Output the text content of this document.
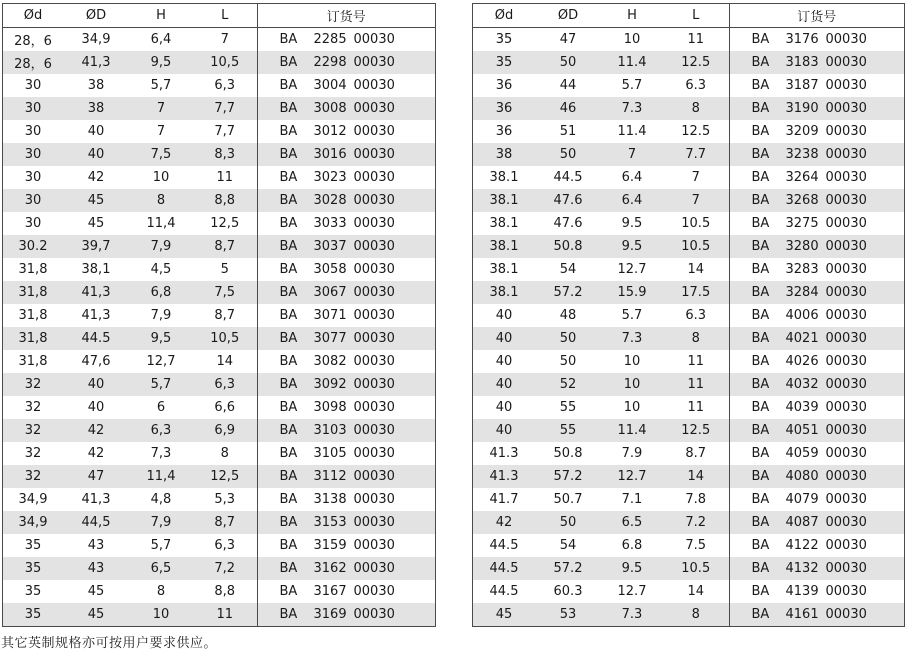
Ød	ØD	H	L	订货号
28，6	34,9	6,4	7	BA 2285 00030
28，6	41,3	9,5	10,5	BA 2298 00030
30	38	5,7	6,3	BA 3004 00030
30	38	7	7,7	BA 3008 00030
30	40	7	7,7	BA 3012 00030
30	40	7,5	8,3	BA 3016 00030
30	42	10	11	BA 3023 00030
30	45	8	8,8	BA 3028 00030
30	45	11,4	12,5	BA 3033 00030
30.2	39,7	7,9	8,7	BA 3037 00030
31,8	38,1	4,5	5	BA 3058 00030
31,8	41,3	6,8	7,5	BA 3067 00030
31,8	41,3	7,9	8,7	BA 3071 00030
31,8	44.5	9,5	10,5	BA 3077 00030
31,8	47,6	12,7	14	BA 3082 00030
32	40	5,7	6,3	BA 3092 00030
32	40	6	6,6	BA 3098 00030
32	42	6,3	6,9	BA 3103 00030
32	42	7,3	8	BA 3105 00030
32	47	11,4	12,5	BA 3112 00030
34,9	41,3	4,8	5,3	BA 3138 00030
34,9	44,5	7,9	8,7	BA 3153 00030
35	43	5,7	6,3	BA 3159 00030
35	43	6,5	7,2	BA 3162 00030
35	45	8	8,8	BA 3167 00030
35	45	10	11	BA 3169 00030
Ød	ØD	H	L	订货号
35	47	10	11	BA 3176 00030
35	50	11.4	12.5	BA 3183 00030
36	44	5.7	6.3	BA 3187 00030
36	46	7.3	8	BA 3190 00030
36	51	11.4	12.5	BA 3209 00030
38	50	7	7.7	BA 3238 00030
38.1	44.5	6.4	7	BA 3264 00030
38.1	47.6	6.4	7	BA 3268 00030
38.1	47.6	9.5	10.5	BA 3275 00030
38.1	50.8	9.5	10.5	BA 3280 00030
38.1	54	12.7	14	BA 3283 00030
38.1	57.2	15.9	17.5	BA 3284 00030
40	48	5.7	6.3	BA 4006 00030
40	50	7.3	8	BA 4021 00030
40	50	10	11	BA 4026 00030
40	52	10	11	BA 4032 00030
40	55	10	11	BA 4039 00030
40	55	11.4	12.5	BA 4051 00030
41.3	50.8	7.9	8.7	BA 4059 00030
41.3	57.2	12.7	14	BA 4080 00030
41.7	50.7	7.1	7.8	BA 4079 00030
42	50	6.5	7.2	BA 4087 00030
44.5	54	6.8	7.5	BA 4122 00030
44.5	57.2	9.5	10.5	BA 4132 00030
44.5	60.3	12.7	14	BA 4139 00030
45	53	7.3	8	BA 4161 00030
其它英制规格亦可按用户要求供应。
